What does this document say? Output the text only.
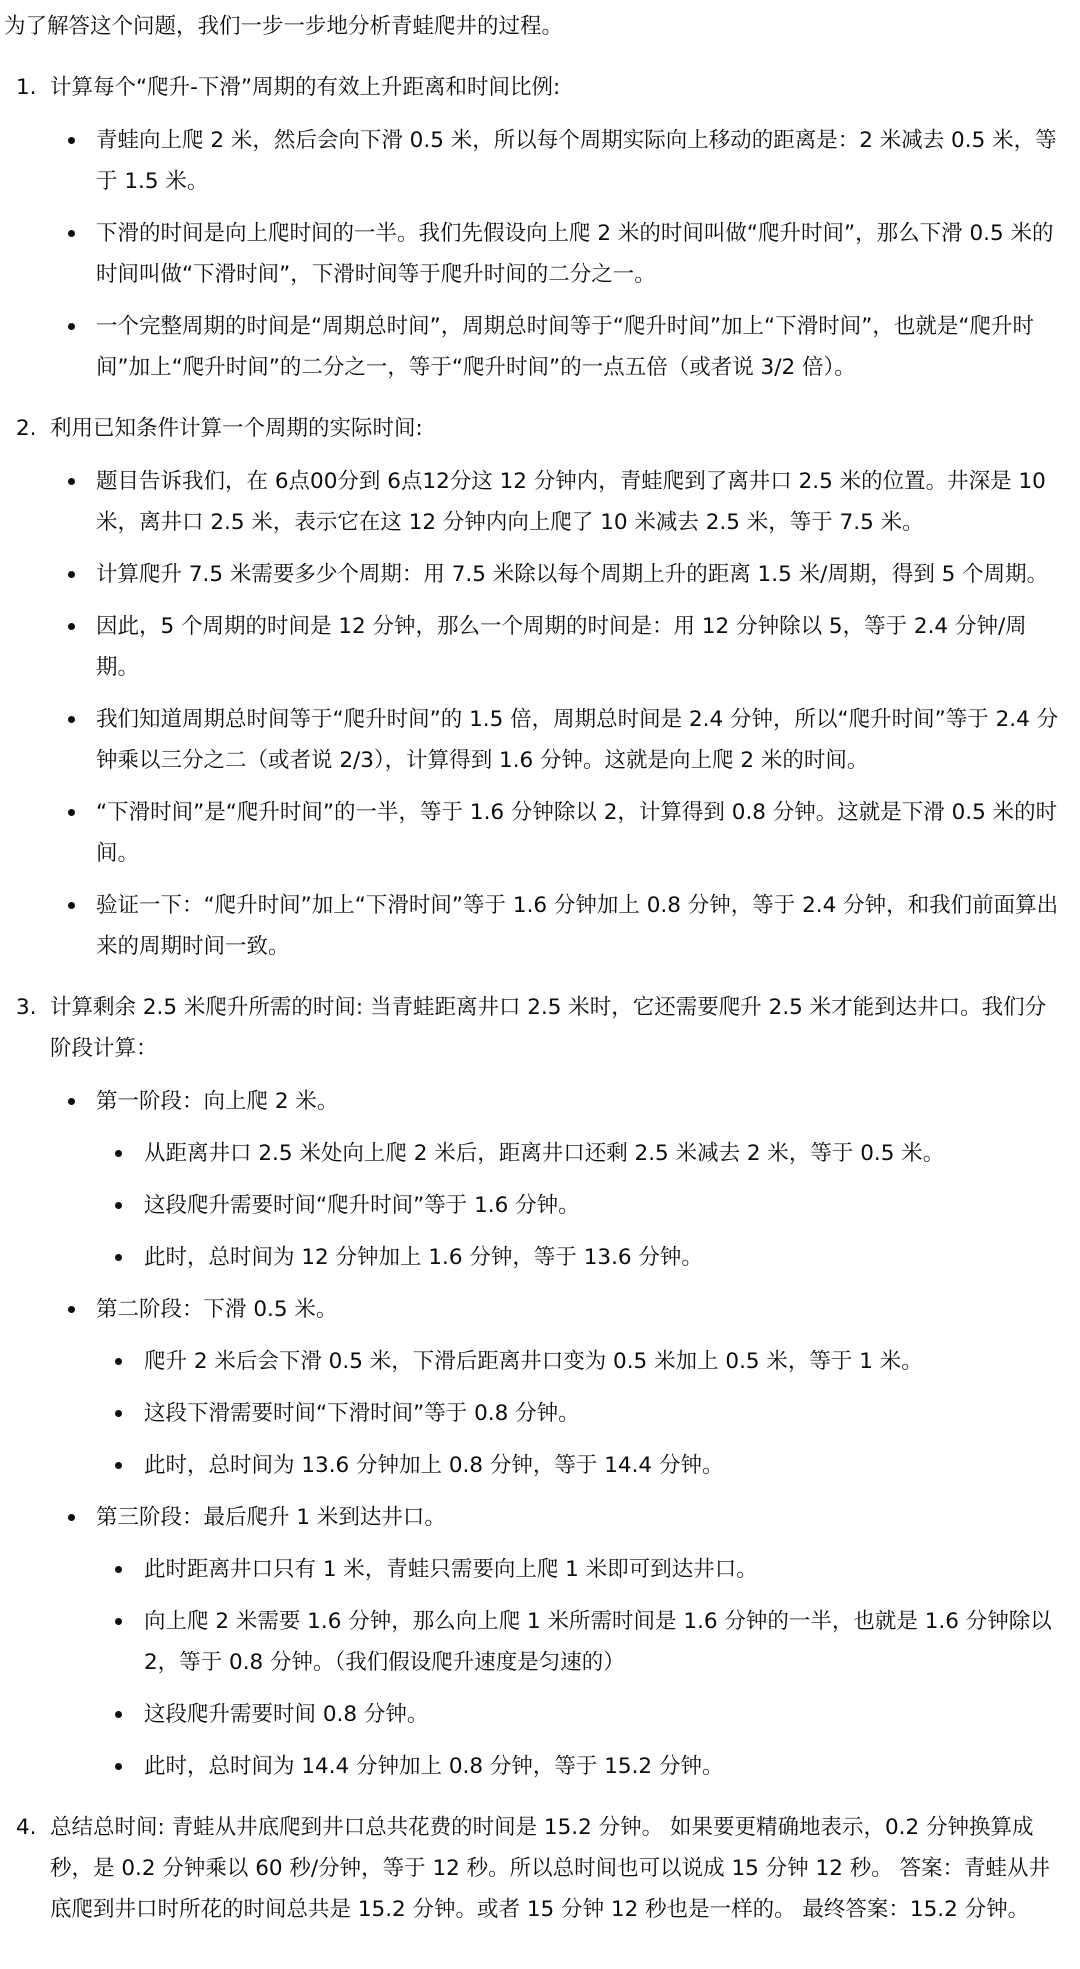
为了解答这个问题，我们一步一步地分析青蛙爬井的过程。

1. 计算每个“爬升-下滑”周期的有效上升距离和时间比例:
青蛙向上爬 2 米，然后会向下滑 0.5 米，所以每个周期实际向上移动的距离是：2 米减去 0.5 米，等于 1.5 米。
下滑的时间是向上爬时间的一半。我们先假设向上爬 2 米的时间叫做“爬升时间”，那么下滑 0.5 米的时间叫做“下滑时间”，下滑时间等于爬升时间的二分之一。
一个完整周期的时间是“周期总时间”，周期总时间等于“爬升时间”加上“下滑时间”，也就是“爬升时间”加上“爬升时间”的二分之一，等于“爬升时间”的一点五倍（或者说 3/2 倍）。
2. 利用已知条件计算一个周期的实际时间:
题目告诉我们，在 6点00分到 6点12分这 12 分钟内，青蛙爬到了离井口 2.5 米的位置。井深是 10 米，离井口 2.5 米，表示它在这 12 分钟内向上爬了 10 米减去 2.5 米，等于 7.5 米。
计算爬升 7.5 米需要多少个周期：用 7.5 米除以每个周期上升的距离 1.5 米/周期，得到 5 个周期。
因此，5 个周期的时间是 12 分钟，那么一个周期的时间是：用 12 分钟除以 5，等于 2.4 分钟/周期。
我们知道周期总时间等于“爬升时间”的 1.5 倍，周期总时间是 2.4 分钟，所以“爬升时间”等于 2.4 分钟乘以三分之二（或者说 2/3），计算得到 1.6 分钟。这就是向上爬 2 米的时间。
“下滑时间”是“爬升时间”的一半，等于 1.6 分钟除以 2，计算得到 0.8 分钟。这就是下滑 0.5 米的时间。
验证一下：“爬升时间”加上“下滑时间”等于 1.6 分钟加上 0.8 分钟，等于 2.4 分钟，和我们前面算出来的周期时间一致。
3. 计算剩余 2.5 米爬升所需的时间: 当青蛙距离井口 2.5 米时，它还需要爬升 2.5 米才能到达井口。我们分阶段计算：
第一阶段：向上爬 2 米。
从距离井口 2.5 米处向上爬 2 米后，距离井口还剩 2.5 米减去 2 米，等于 0.5 米。
这段爬升需要时间“爬升时间”等于 1.6 分钟。
此时，总时间为 12 分钟加上 1.6 分钟，等于 13.6 分钟。
第二阶段：下滑 0.5 米。
爬升 2 米后会下滑 0.5 米，下滑后距离井口变为 0.5 米加上 0.5 米，等于 1 米。
这段下滑需要时间“下滑时间”等于 0.8 分钟。
此时，总时间为 13.6 分钟加上 0.8 分钟，等于 14.4 分钟。
第三阶段：最后爬升 1 米到达井口。
此时距离井口只有 1 米，青蛙只需要向上爬 1 米即可到达井口。
向上爬 2 米需要 1.6 分钟，那么向上爬 1 米所需时间是 1.6 分钟的一半，也就是 1.6 分钟除以 2，等于 0.8 分钟。（我们假设爬升速度是匀速的）
这段爬升需要时间 0.8 分钟。
此时，总时间为 14.4 分钟加上 0.8 分钟，等于 15.2 分钟。
4. 总结总时间: 青蛙从井底爬到井口总共花费的时间是 15.2 分钟。 如果要更精确地表示，0.2 分钟换算成秒，是 0.2 分钟乘以 60 秒/分钟，等于 12 秒。所以总时间也可以说成 15 分钟 12 秒。 答案：青蛙从井底爬到井口时所花的时间总共是 15.2 分钟。或者 15 分钟 12 秒也是一样的。 最终答案：15.2 分钟。
